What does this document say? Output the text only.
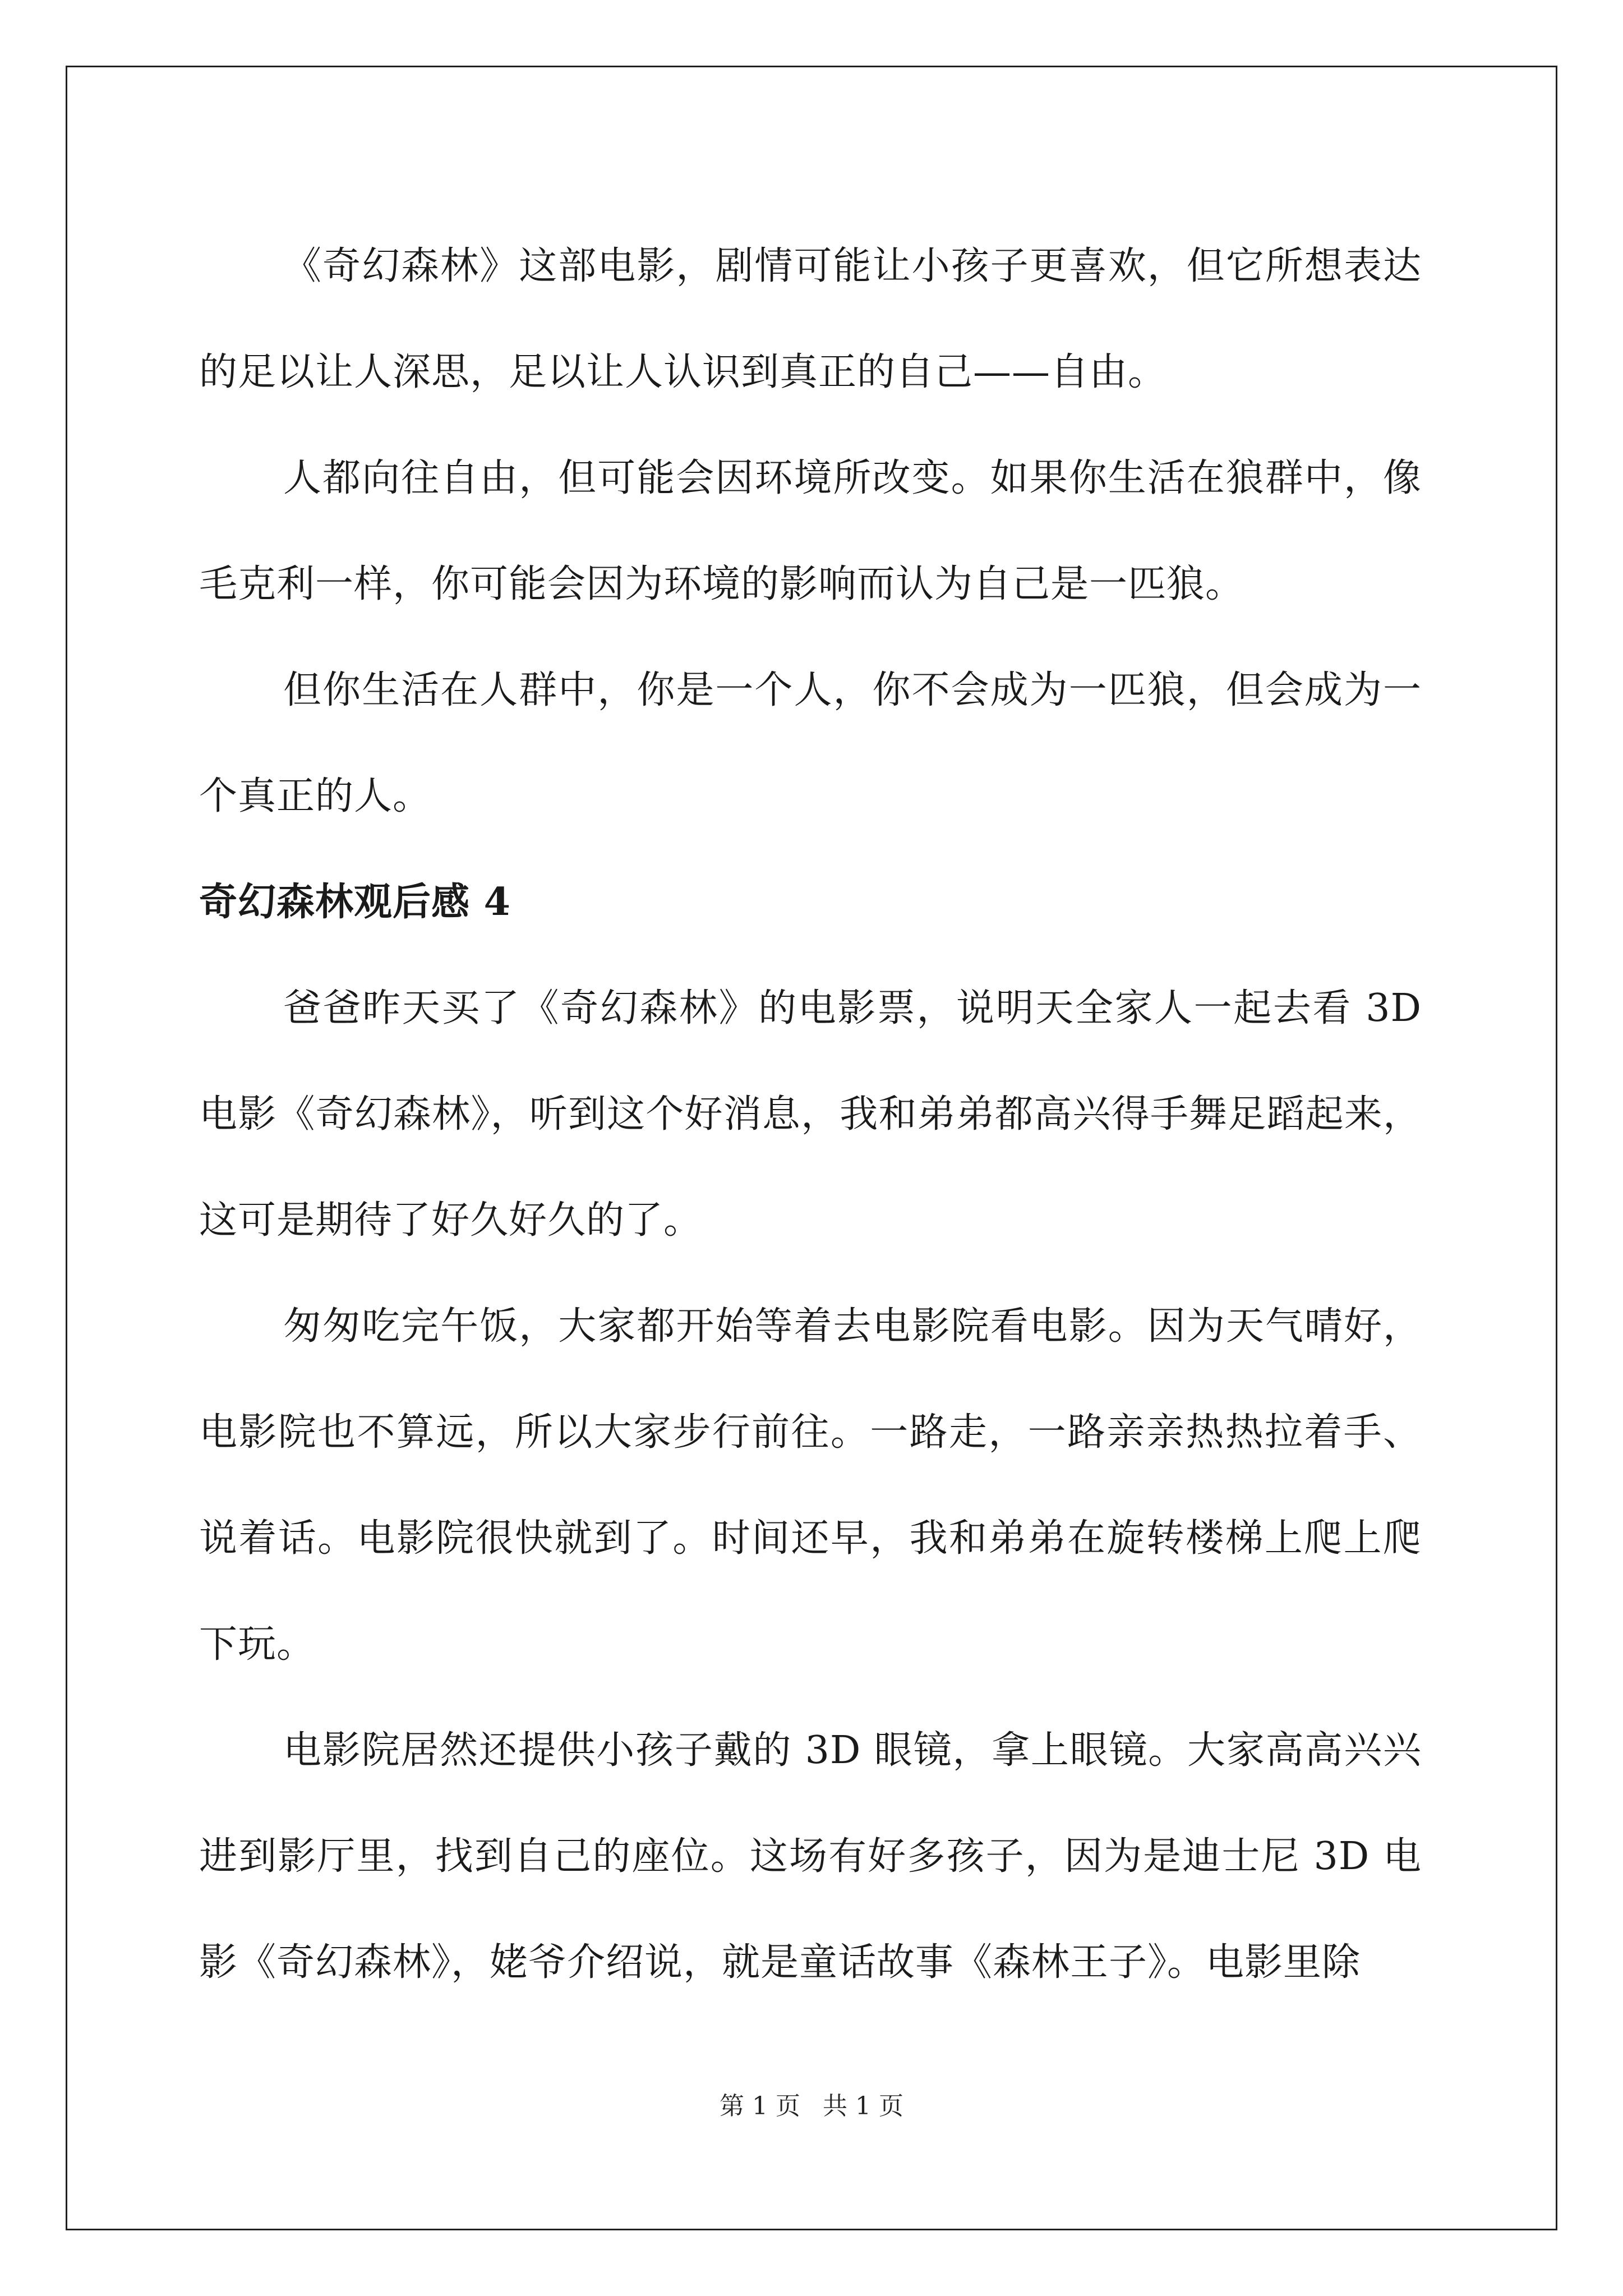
《奇幻森林》这部电影，剧情可能让小孩子更喜欢，但它所想表达的足以让人深思，足以让人认识到真正的自己——自由。

人都向往自由，但可能会因环境所改变。如果你生活在狼群中，像毛克利一样，你可能会因为环境的影响而认为自己是一匹狼。

但你生活在人群中，你是一个人，你不会成为一匹狼，但会成为一个真正的人。

奇幻森林观后感 4

爸爸昨天买了《奇幻森林》的电影票，说明天全家人一起去看 3D 电影《奇幻森林》，听到这个好消息，我和弟弟都高兴得手舞足蹈起来，这可是期待了好久好久的了。

匆匆吃完午饭，大家都开始等着去电影院看电影。因为天气晴好，电影院也不算远，所以大家步行前往。一路走，一路亲亲热热拉着手、说着话。电影院很快就到了。时间还早，我和弟弟在旋转楼梯上爬上爬下玩。

电影院居然还提供小孩子戴的 3D 眼镜，拿上眼镜。大家高高兴兴进到影厅里，找到自己的座位。这场有好多孩子，因为是迪士尼 3D 电影《奇幻森林》，姥爷介绍说，就是童话故事《森林王子》。电影里除

第 1 页 共 1 页
